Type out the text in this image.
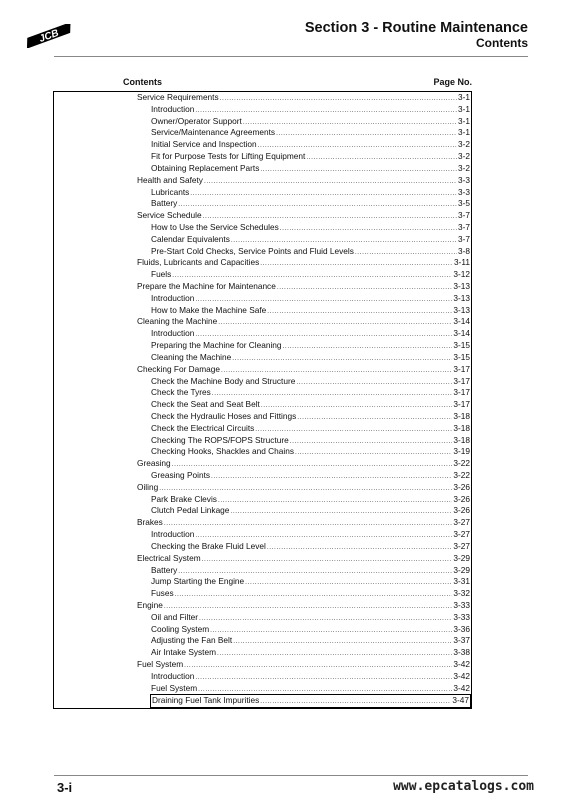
JCB	Section 3 - Routine Maintenance
Contents
Contents	Page No.
Service Requirements .....	3-1
Introduction .....	3-1
Owner/Operator Support .....	3-1
Service/Maintenance Agreements .....	3-1
Initial Service and Inspection .....	3-2
Fit for Purpose Tests for Lifting Equipment .....	3-2
Obtaining Replacement Parts .....	3-2
Health and Safety .....	3-3
Lubricants .....	3-3
Battery .....	3-5
Service Schedule .....	3-7
How to Use the Service Schedules .....	3-7
Calendar Equivalents .....	3-7
Pre-Start Cold Checks, Service Points and Fluid Levels .....	3-8
Fluids, Lubricants and Capacities .....	3-11
Fuels .....	3-12
Prepare the Machine for Maintenance .....	3-13
Introduction .....	3-13
How to Make the Machine Safe .....	3-13
Cleaning the Machine .....	3-14
Introduction .....	3-14
Preparing the Machine for Cleaning .....	3-15
Cleaning the Machine .....	3-15
Checking For Damage .....	3-17
Check the Machine Body and Structure .....	3-17
Check the Tyres .....	3-17
Check the Seat and Seat Belt .....	3-17
Check the Hydraulic Hoses and Fittings .....	3-18
Check the Electrical Circuits .....	3-18
Checking The ROPS/FOPS Structure .....	3-18
Checking Hooks, Shackles and Chains .....	3-19
Greasing .....	3-22
Greasing Points .....	3-22
Oiling .....	3-26
Park Brake Clevis .....	3-26
Clutch Pedal Linkage .....	3-26
Brakes .....	3-27
Introduction .....	3-27
Checking the Brake Fluid Level .....	3-27
Electrical System .....	3-29
Battery .....	3-29
Jump Starting the Engine .....	3-31
Fuses .....	3-32
Engine .....	3-33
Oil and Filter .....	3-33
Cooling System .....	3-36
Adjusting the Fan Belt .....	3-37
Air Intake System .....	3-38
Fuel System .....	3-42
Introduction .....	3-42
Fuel System .....	3-42
Draining Fuel Tank Impurities .....	3-47
3-i	www.epcatalogs.com
